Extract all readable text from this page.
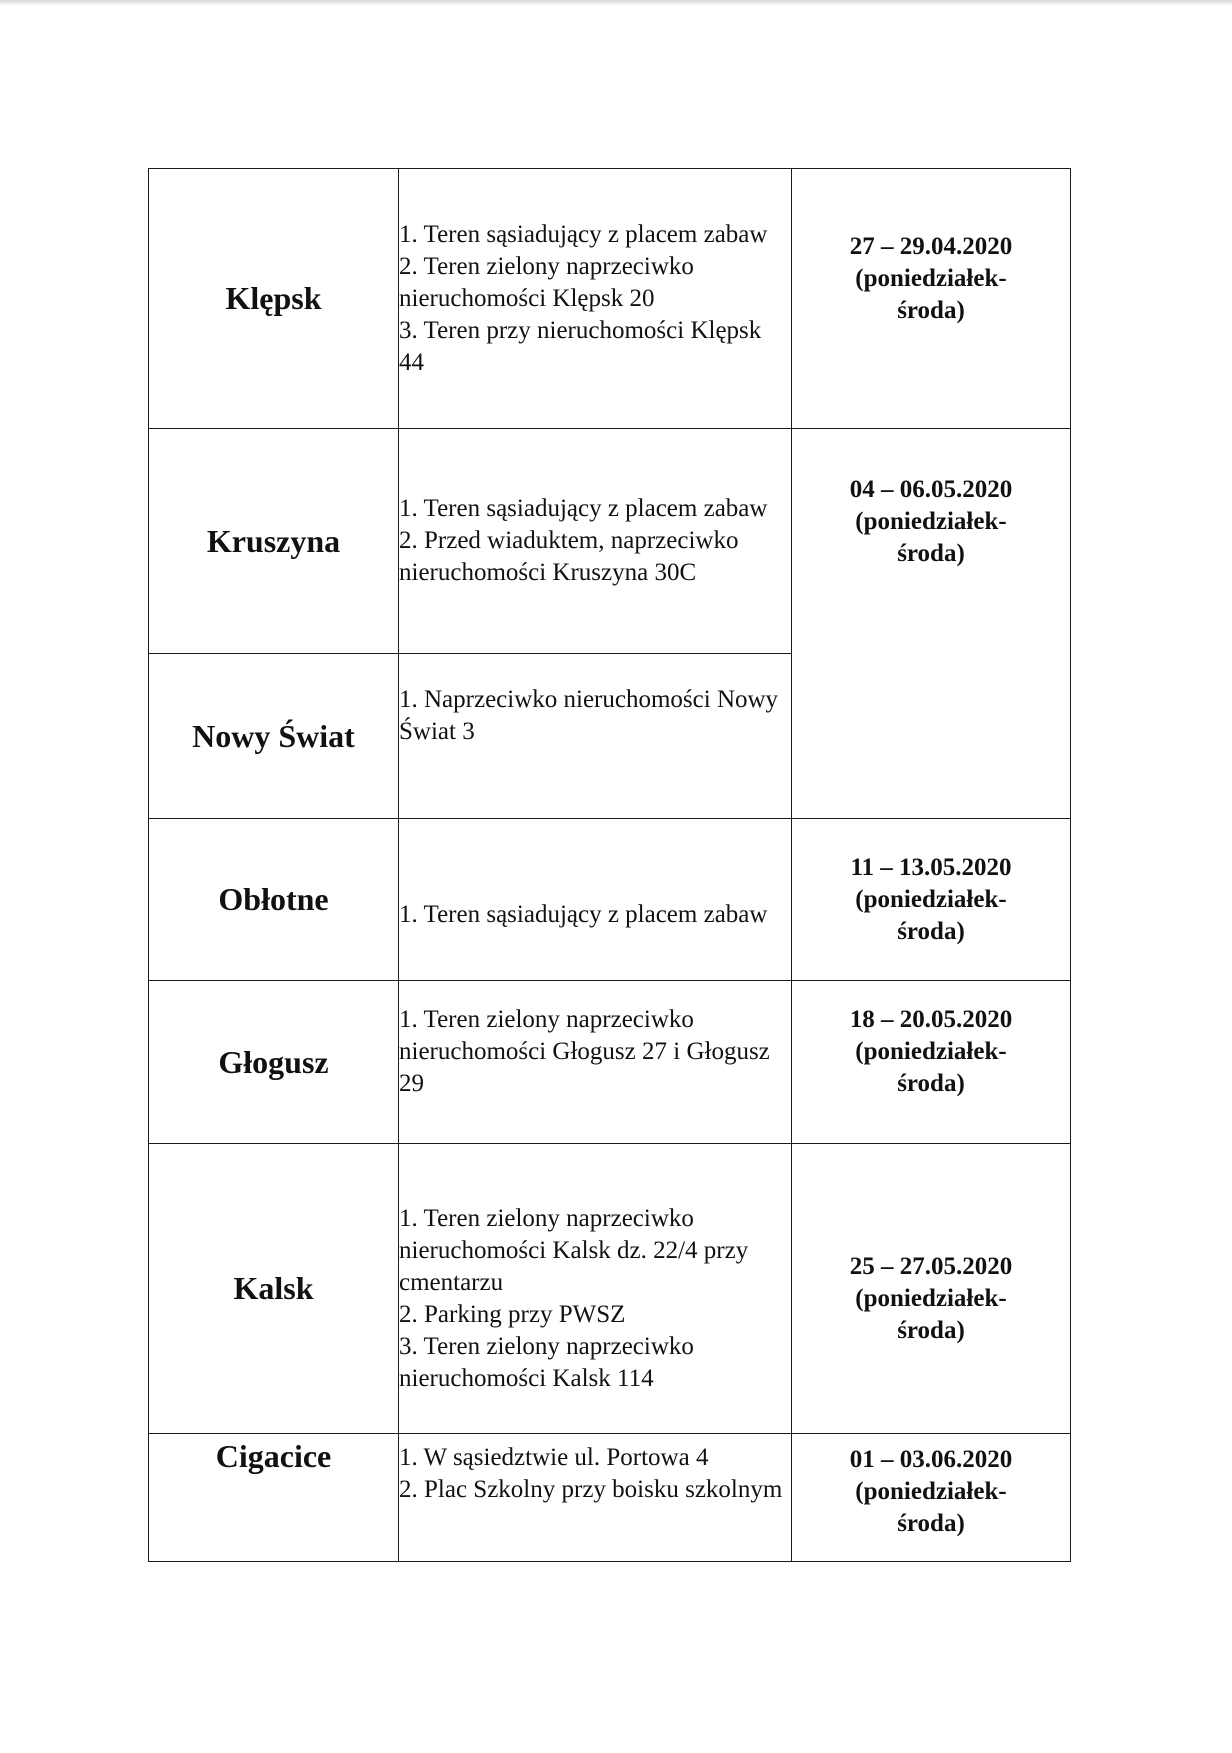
Klępsk	1. Teren sąsiadujący z placem zabaw
2. Teren zielony naprzeciwko nieruchomości Klępsk 20
3. Teren przy nieruchomości Klępsk 44	27 – 29.04.2020
(poniedziałek-środa)

Kruszyna	1. Teren sąsiadujący z placem zabaw
2. Przed wiaduktem, naprzeciwko nieruchomości Kruszyna 30C	04 – 06.05.2020
(poniedziałek-środa)

Nowy Świat	1. Naprzeciwko nieruchomości Nowy Świat 3	

Obłotne	1. Teren sąsiadujący z placem zabaw	11 – 13.05.2020
(poniedziałek-środa)

Głogusz	1. Teren zielony naprzeciwko nieruchomości Głogusz 27 i Głogusz 29	18 – 20.05.2020
(poniedziałek-środa)

Kalsk	1. Teren zielony naprzeciwko nieruchomości Kalsk dz. 22/4 przy cmentarzu
2. Parking przy PWSZ
3. Teren zielony naprzeciwko nieruchomości Kalsk 114	25 – 27.05.2020
(poniedziałek-środa)

Cigacice	1. W sąsiedztwie ul. Portowa 4
2. Plac Szkolny przy boisku szkolnym	01 – 03.06.2020
(poniedziałek-środa)
